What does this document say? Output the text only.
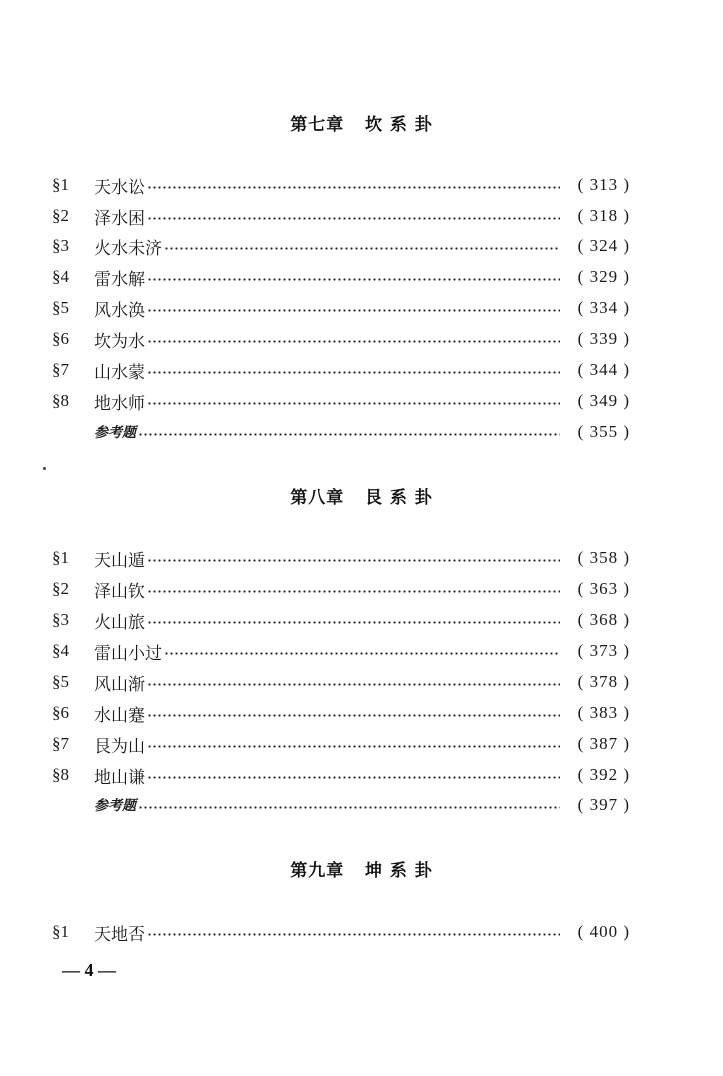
第七章   坎 系 卦
§1	天水讼	( 313 )
§2	泽水困	( 318 )
§3	火水未济	( 324 )
§4	雷水解	( 329 )
§5	风水涣	( 334 )
§6	坎为水	( 339 )
§7	山水蒙	( 344 )
§8	地水师	( 349 )
参考题	( 355 )
第八章   艮 系 卦
§1	天山遁	( 358 )
§2	泽山钦	( 363 )
§3	火山旅	( 368 )
§4	雷山小过	( 373 )
§5	风山渐	( 378 )
§6	水山蹇	( 383 )
§7	艮为山	( 387 )
§8	地山谦	( 392 )
参考题	( 397 )
第九章   坤 系 卦
§1	天地否	( 400 )
— 4 —
